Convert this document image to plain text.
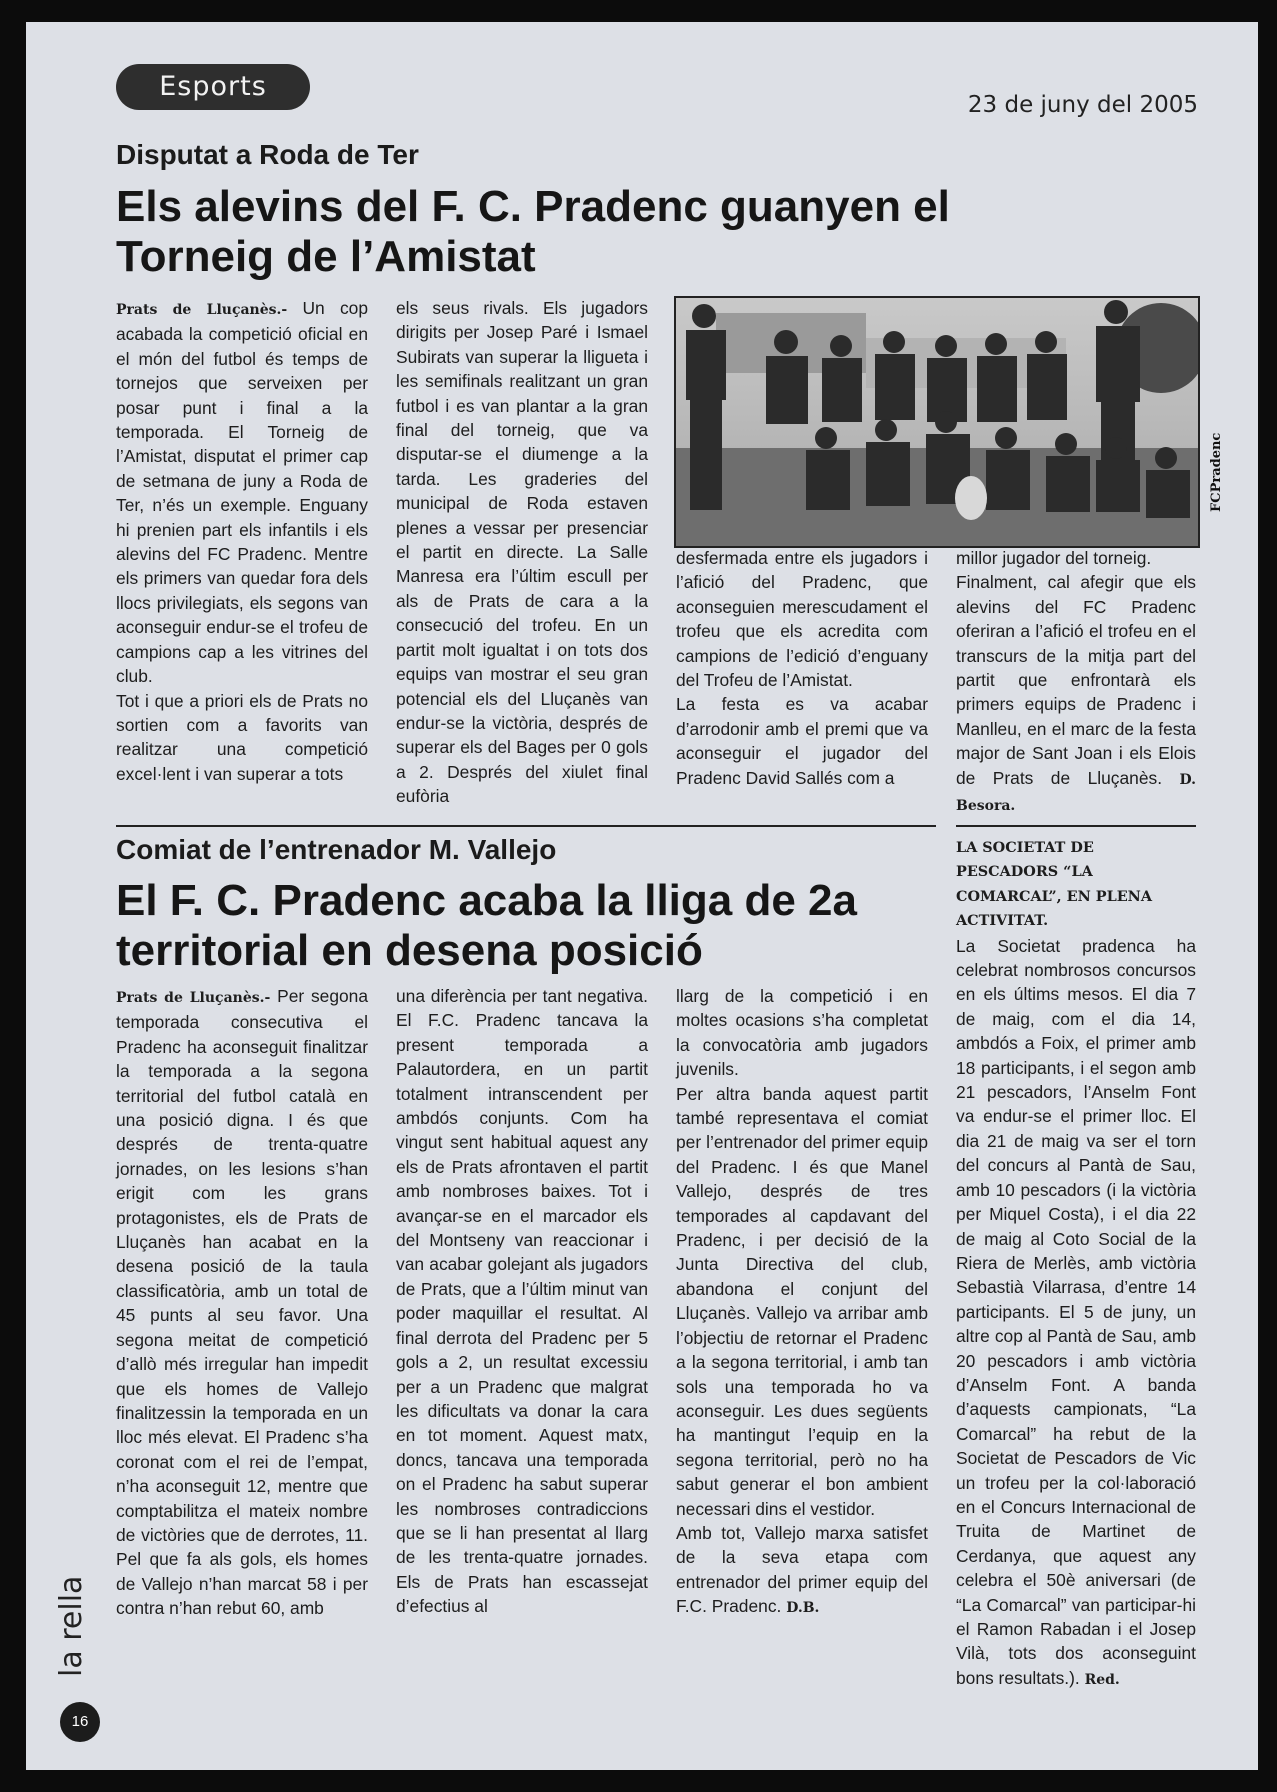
Esports
23 de juny del 2005
Disputat a Roda de Ter
Els alevins del F. C. Pradenc guanyen el Torneig de l’Amistat

Prats de Lluçanès.- Un cop acabada la competició oficial en el món del futbol és temps de tornejos que serveixen per posar punt i final a la temporada. El Torneig de l’Amistat, disputat el primer cap de setmana de juny a Roda de Ter, n’és un exemple. Enguany hi prenien part els infantils i els alevins del FC Pradenc. Mentre els primers van quedar fora dels llocs privilegiats, els segons van aconseguir endur-se el trofeu de campions cap a les vitrines del club.

Tot i que a priori els de Prats no sortien com a favorits van realitzar una competició excel·lent i van superar a tots

els seus rivals. Els jugadors dirigits per Josep Paré i Ismael Subirats van superar la lligueta i les semifinals realitzant un gran futbol i es van plantar a la gran final del torneig, que va disputar-se el diumenge a la tarda. Les graderies del municipal de Roda estaven plenes a vessar per presenciar el partit en directe. La Salle Manresa era l’últim escull per als de Prats de cara a la consecució del trofeu. En un partit molt igualtat i on tots dos equips van mostrar el seu gran potencial els del Lluçanès van endur-se la victòria, després de superar els del Bages per 0 gols a 2. Després del xiulet final eufòria

FCPradenc

desfermada entre els jugadors i l’afició del Pradenc, que aconseguien merescudament el trofeu que els acredita com campions de l’edició d’enguany del Trofeu de l’Amistat.

La festa es va acabar d’arrodonir amb el premi que va aconseguir el jugador del Pradenc David Sallés com a

millor jugador del torneig.

Finalment, cal afegir que els alevins del FC Pradenc oferiran a l’afició el trofeu en el transcurs de la mitja part del partit que enfrontarà els primers equips de Pradenc i Manlleu, en el marc de la festa major de Sant Joan i els Elois de Prats de Lluçanès. D. Besora.

Comiat de l’entrenador M. Vallejo
El F. C. Pradenc acaba la lliga de 2a territorial en desena posició

Prats de Lluçanès.- Per segona temporada consecutiva el Pradenc ha aconseguit finalitzar la temporada a la segona territorial del futbol català en una posició digna. I és que després de trenta-quatre jornades, on les lesions s’han erigit com les grans protagonistes, els de Prats de Lluçanès han acabat en la desena posició de la taula classificatòria, amb un total de 45 punts al seu favor. Una segona meitat de competició d’allò més irregular han impedit que els homes de Vallejo finalitzessin la temporada en un lloc més elevat. El Pradenc s’ha coronat com el rei de l’empat, n’ha aconseguit 12, mentre que comptabilitza el mateix nombre de victòries que de derrotes, 11. Pel que fa als gols, els homes de Vallejo n’han marcat 58 i per contra n’han rebut 60, amb

una diferència per tant negativa. El F.C. Pradenc tancava la present temporada a Palautordera, en un partit totalment intranscendent per ambdós conjunts. Com ha vingut sent habitual aquest any els de Prats afrontaven el partit amb nombroses baixes. Tot i avançar-se en el marcador els del Montseny van reaccionar i van acabar golejant als jugadors de Prats, que a l’últim minut van poder maquillar el resultat. Al final derrota del Pradenc per 5 gols a 2, un resultat excessiu per a un Pradenc que malgrat les dificultats va donar la cara en tot moment. Aquest matx, doncs, tancava una temporada on el Pradenc ha sabut superar les nombroses contradiccions que se li han presentat al llarg de les trenta-quatre jornades. Els de Prats han escassejat d’efectius al

llarg de la competició i en moltes ocasions s’ha completat la convocatòria amb jugadors juvenils.

Per altra banda aquest partit també representava el comiat per l’entrenador del primer equip del Pradenc. I és que Manel Vallejo, després de tres temporades al capdavant del Pradenc, i per decisió de la Junta Directiva del club, abandona el conjunt del Lluçanès. Vallejo va arribar amb l’objectiu de retornar el Pradenc a la segona territorial, i amb tan sols una temporada ho va aconseguir. Les dues següents ha mantingut l’equip en la segona territorial, però no ha sabut generar el bon ambient necessari dins el vestidor.

Amb tot, Vallejo marxa satisfet de la seva etapa com entrenador del primer equip del F.C. Pradenc. D.B.

LA SOCIETAT DE PESCADORS “LA COMARCAL”, EN PLENA ACTIVITAT.

La Societat pradenca ha celebrat nombrosos concursos en els últims mesos. El dia 7 de maig, com el dia 14, ambdós a Foix, el primer amb 18 participants, i el segon amb 21 pescadors, l’Anselm Font va endur-se el primer lloc. El dia 21 de maig va ser el torn del concurs al Pantà de Sau, amb 10 pescadors (i la victòria per Miquel Costa), i el dia 22 de maig al Coto Social de la Riera de Merlès, amb victòria Sebastià Vilarrasa, d’entre 14 participants. El 5 de juny, un altre cop al Pantà de Sau, amb 20 pescadors i amb victòria d’Anselm Font. A banda d’aquests campionats, “La Comarcal” ha rebut de la Societat de Pescadors de Vic un trofeu per la col·laboració en el Concurs Internacional de Truita de Martinet de Cerdanya, que aquest any celebra el 50è aniversari (de “La Comarcal” van participar-hi el Ramon Rabadan i el Josep Vilà, tots dos aconseguint bons resultats.). Red.

la rella
16
